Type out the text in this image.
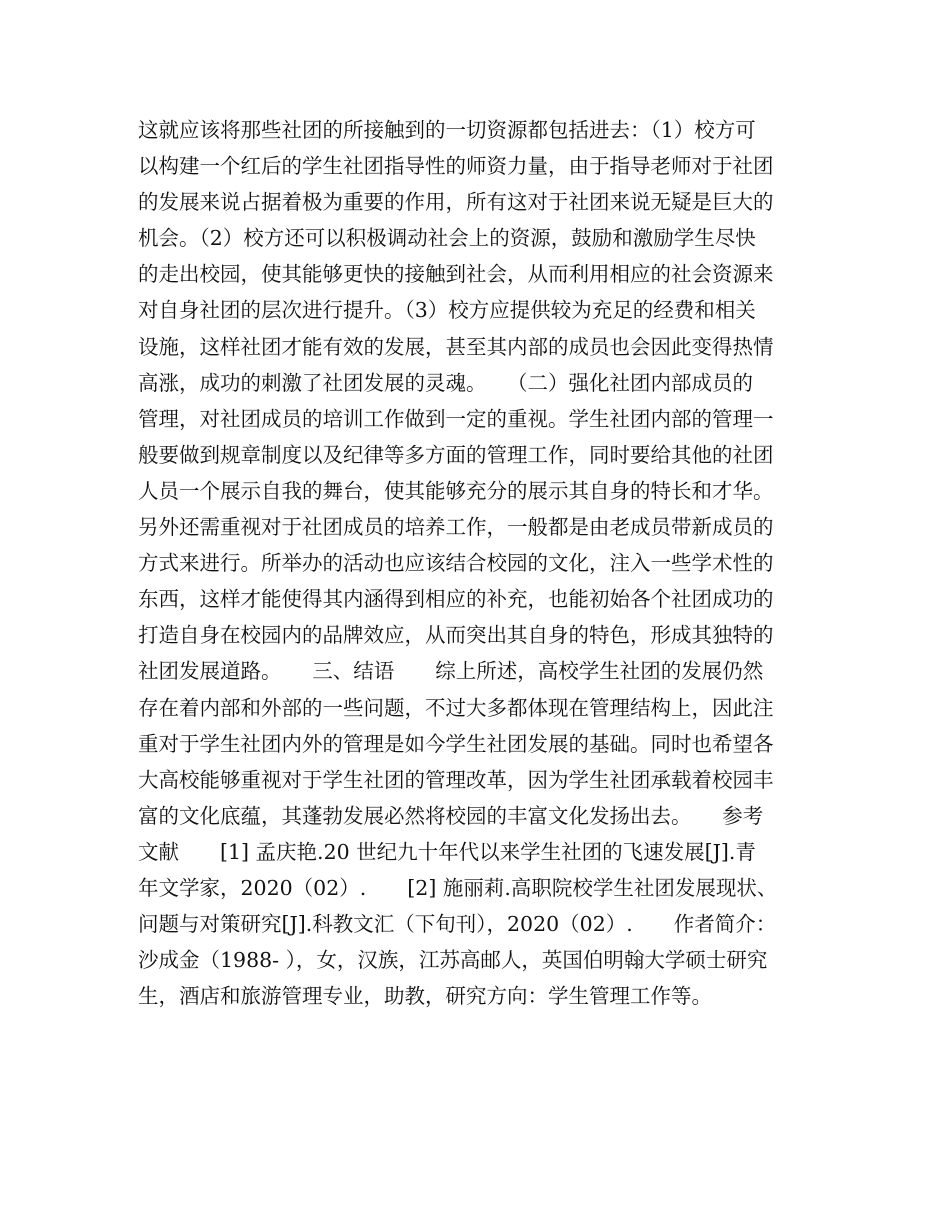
这就应该将那些社团的所接触到的一切资源都包括进去：（1）校方可
以构建一个红后的学生社团指导性的师资力量，由于指导老师对于社团
的发展来说占据着极为重要的作用，所有这对于社团来说无疑是巨大的
机会。（2）校方还可以积极调动社会上的资源，鼓励和激励学生尽快
的走出校园，使其能够更快的接触到社会，从而利用相应的社会资源来
对自身社团的层次进行提升。（3）校方应提供较为充足的经费和相关
设施，这样社团才能有效的发展，甚至其内部的成员也会因此变得热情
高涨，成功的刺激了社团发展的灵魂。　　（二）强化社团内部成员的
管理，对社团成员的培训工作做到一定的重视。学生社团内部的管理一
般要做到规章制度以及纪律等多方面的管理工作，同时要给其他的社团
人员一个展示自我的舞台，使其能够充分的展示其自身的特长和才华。
另外还需重视对于社团成员的培养工作，一般都是由老成员带新成员的
方式来进行。所举办的活动也应该结合校园的文化，注入一些学术性的
东西，这样才能使得其内涵得到相应的补充，也能初始各个社团成功的
打造自身在校园内的品牌效应，从而突出其自身的特色，形成其独特的
社团发展道路。　　三、结语　　综上所述，高校学生社团的发展仍然
存在着内部和外部的一些问题，不过大多都体现在管理结构上，因此注
重对于学生社团内外的管理是如今学生社团发展的基础。同时也希望各
大高校能够重视对于学生社团的管理改革，因为学生社团承载着校园丰
富的文化底蕴，其蓬勃发展必然将校园的丰富文化发扬出去。　　参考
文献　　[1] 孟庆艳.20 世纪九十年代以来学生社团的飞速发展[J].青
年文学家，2020（02）.　　[2] 施丽莉.高职院校学生社团发展现状、
问题与对策研究[J].科教文汇（下旬刊），2020（02）.　　作者简介：
沙成金（1988- ），女，汉族，江苏高邮人，英国伯明翰大学硕士研究
生，酒店和旅游管理专业，助教，研究方向：学生管理工作等。
